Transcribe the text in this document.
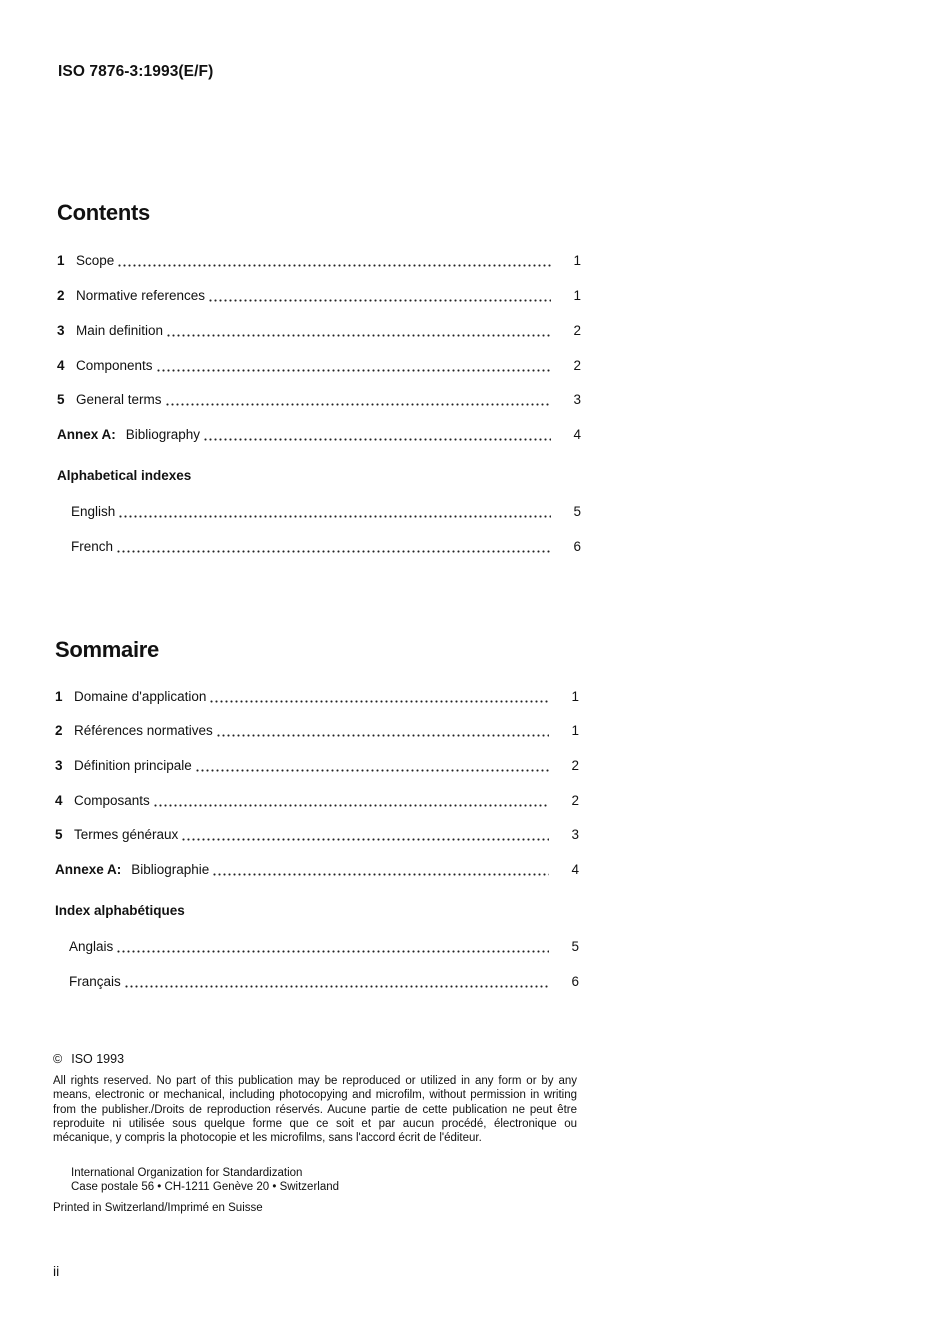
ISO 7876-3:1993(E/F)
Contents
1 Scope	1
2 Normative references	1
3 Main definition	2
4 Components	2
5 General terms	3
Annex A: Bibliography	4
Alphabetical indexes
English	5
French	6
Sommaire
1 Domaine d'application	1
2 Références normatives	1
3 Définition principale	2
4 Composants	2
5 Termes généraux	3
Annexe A: Bibliographie	4
Index alphabétiques
Anglais	5
Français	6
© ISO 1993
All rights reserved. No part of this publication may be reproduced or utilized in any form or by any means, electronic or mechanical, including photocopying and microfilm, without permission in writing from the publisher./Droits de reproduction réservés. Aucune partie de cette publication ne peut être reproduite ni utilisée sous quelque forme que ce soit et par aucun procédé, électronique ou mécanique, y compris la photocopie et les microfilms, sans l'accord écrit de l'éditeur.
International Organization for Standardization
Case postale 56 • CH-1211 Genève 20 • Switzerland
Printed in Switzerland/Imprimé en Suisse
ii
